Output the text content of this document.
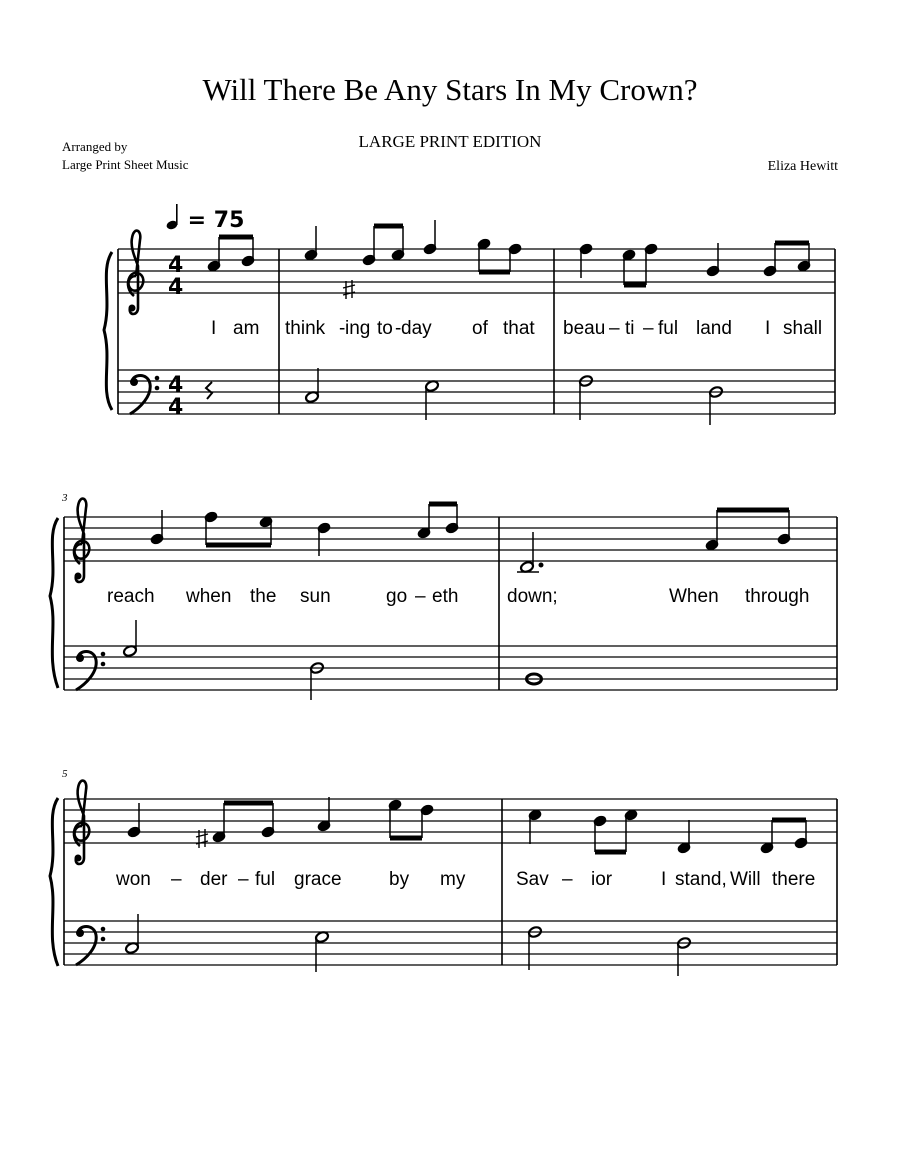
Will There Be Any Stars In My Crown?
LARGE PRINT EDITION
Arranged by
Large Print Sheet Music	Eliza Hewitt
= 75
3
5
4
4
4
4
I am think - ing to - day of that beau – ti – ful land I shall
reach when the sun	go – eth	down;	When through
won – der – ful grace by my	Sav – ior	I stand, Will there
